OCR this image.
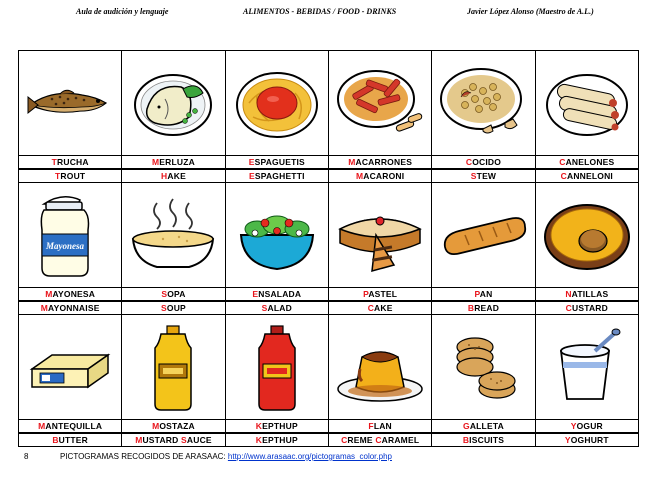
Aula de audición y lenguaje	ALIMENTOS - BEBIDAS / FOOD - DRINKS	Javier López Alonso (Maestro de A.L.)

TRUCHA	MERLUZA	ESPAGUETIS	MACARRONES	COCIDO	CANELONES
TROUT	HAKE	ESPAGHETTI	MACARONI	STEW	CANNELONI

Mayonesa

MAYONESA	SOPA	ENSALADA	PASTEL	PAN	NATILLAS
MAYONNAISE	SOUP	SALAD	CAKE	BREAD	CUSTARD

MANTEQUILLA	MOSTAZA	KEPTHUP	FLAN	GALLETA	YOGUR
BUTTER	MUSTARD SAUCE	KEPTHUP	CREME CARAMEL	BISCUITS	YOGHURT
8	PICTOGRAMAS RECOGIDOS DE ARASAAC: http://www.arasaac.org/pictogramas_color.php
